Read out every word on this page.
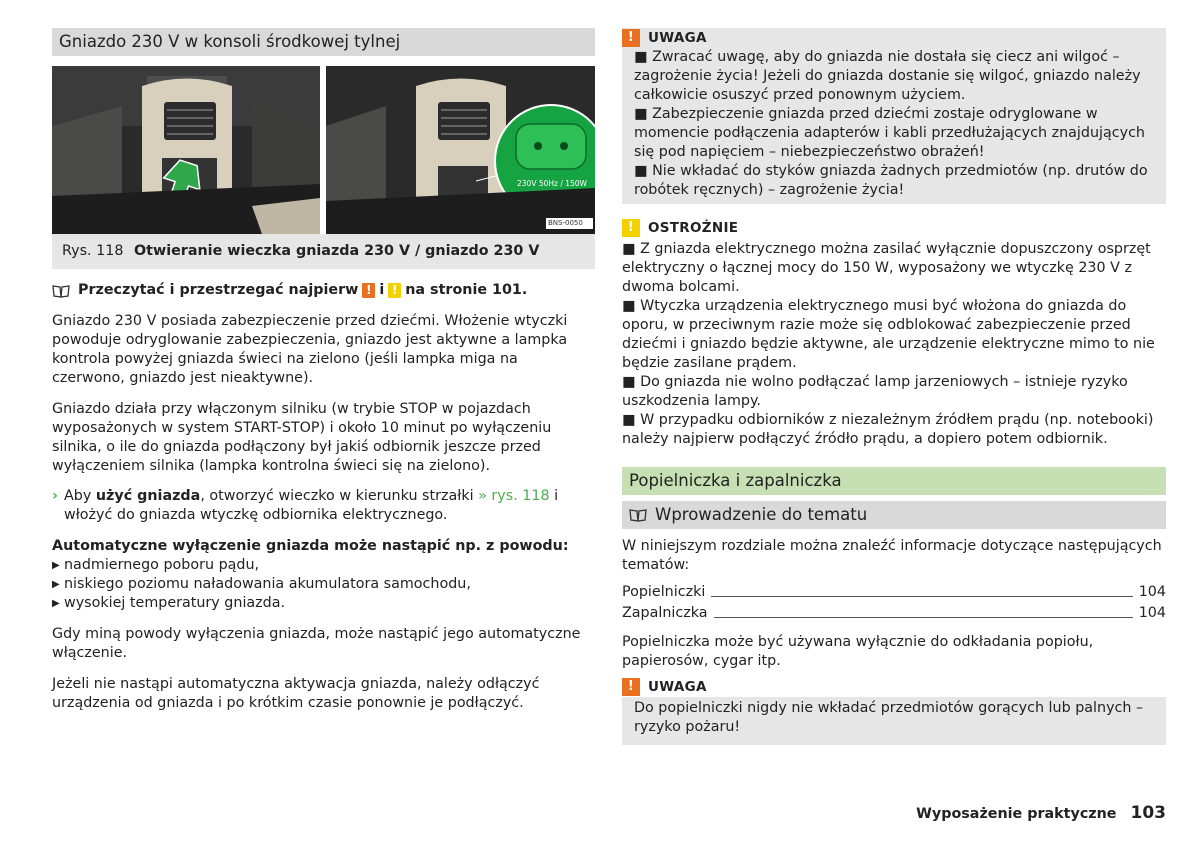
Gniazdo 230 V w konsoli środkowej tylnej
230V 50Hz / 150W
BNS-0050
Rys. 118 Otwieranie wieczka gniazda 230 V / gniazdo 230 V
Przeczytać i przestrzegać najpierw ! i ! na stronie 101.

Gniazdo 230 V posiada zabezpieczenie przed dziećmi. Włożenie wtyczki powoduje odryglowanie zabezpieczenia, gniazdo jest aktywne a lampka kontrola powyżej gniazda świeci na zielono (jeśli lampka miga na czerwono, gniazdo jest nieaktywne).

Gniazdo działa przy włączonym silniku (w trybie STOP w pojazdach wyposażonych w system START-STOP) i około 10 minut po wyłączeniu silnika, o ile do gniazda podłączony był jakiś odbiornik jeszcze przed wyłączeniem silnika (lampka kontrolna świeci się na zielono).

› Aby użyć gniazda, otworzyć wieczko w kierunku strzałki » rys. 118 i włożyć do gniazda wtyczkę odbiornika elektrycznego.
Automatyczne wyłączenie gniazda może nastąpić np. z powodu:
▶ nadmiernego poboru pądu,
▶ niskiego poziomu naładowania akumulatora samochodu,
▶ wysokiej temperatury gniazda.

Gdy miną powody wyłączenia gniazda, może nastąpić jego automatyczne włączenie.

Jeżeli nie nastąpi automatyczna aktywacja gniazda, należy odłączyć urządzenia od gniazda i po krótkim czasie ponownie je podłączyć.

!	UWAGA
■ Zwracać uwagę, aby do gniazda nie dostała się ciecz ani wilgoć – zagrożenie życia! Jeżeli do gniazda dostanie się wilgoć, gniazdo należy całkowicie osuszyć przed ponownym użyciem.
■ Zabezpieczenie gniazda przed dziećmi zostaje odryglowane w momencie podłączenia adapterów i kabli przedłużających znajdujących się pod napięciem – niebezpieczeństwo obrażeń!
■ Nie wkładać do styków gniazda żadnych przedmiotów (np. drutów do robótek ręcznych) – zagrożenie życia!
!	OSTROŻNIE
■ Z gniazda elektrycznego można zasilać wyłącznie dopuszczony osprzęt elektryczny o łącznej mocy do 150 W, wyposażony we wtyczkę 230 V z dwoma bolcami.
■ Wtyczka urządzenia elektrycznego musi być włożona do gniazda do oporu, w przeciwnym razie może się odblokować zabezpieczenie przed dziećmi i gniazdo będzie aktywne, ale urządzenie elektryczne mimo to nie będzie zasilane prądem.
■ Do gniazda nie wolno podłączać lamp jarzeniowych – istnieje ryzyko uszkodzenia lampy.
■ W przypadku odbiorników z niezależnym źródłem prądu (np. notebooki) należy najpierw podłączyć źródło prądu, a dopiero potem odbiornik.
Popielniczka i zapalniczka
Wprowadzenie do tematu

W niniejszym rozdziale można znaleźć informacje dotyczące następujących tematów:

Popielniczki	104
Zapalniczka	104

Popielniczka może być używana wyłącznie do odkładania popiołu, papierosów, cygar itp.

!	UWAGA
Do popielniczki nigdy nie wkładać przedmiotów gorących lub palnych – ryzyko pożaru!
Wyposażenie praktyczne 103
